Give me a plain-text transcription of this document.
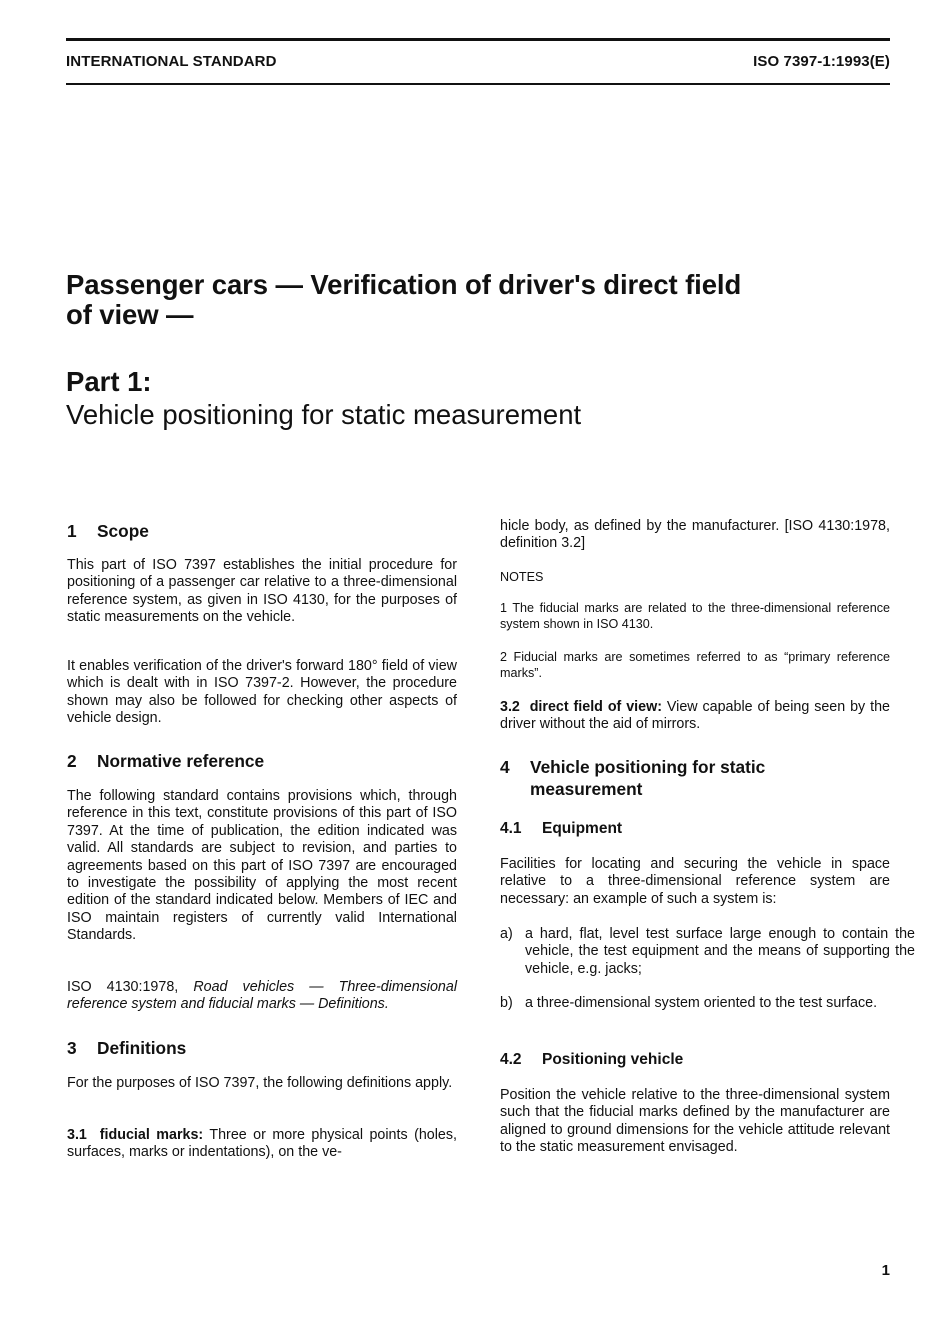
INTERNATIONAL STANDARD	ISO 7397-1:1993(E)
Passenger cars — Verification of driver's direct field
of view —
Part 1:
Vehicle positioning for static measurement
1 Scope

This part of ISO 7397 establishes the initial procedure for positioning of a passenger car relative to a three-dimensional reference system, as given in ISO 4130, for the purposes of static measurements on the vehicle.

It enables verification of the driver's forward 180° field of view which is dealt with in ISO 7397-2. However, the procedure shown may also be followed for checking other aspects of vehicle design.

2 Normative reference

The following standard contains provisions which, through reference in this text, constitute provisions of this part of ISO 7397. At the time of publication, the edition indicated was valid. All standards are subject to revision, and parties to agreements based on this part of ISO 7397 are encouraged to investigate the possibility of applying the most recent edition of the standard indicated below. Members of IEC and ISO maintain registers of currently valid International Standards.

ISO 4130:1978, Road vehicles — Three-dimensional reference system and fiducial marks — Definitions.

3 Definitions

For the purposes of ISO 7397, the following definitions apply.

3.1 fiducial marks: Three or more physical points (holes, surfaces, marks or indentations), on the ve-

hicle body, as defined by the manufacturer. [ISO 4130:1978, definition 3.2]

NOTES

1 The fiducial marks are related to the three-dimensional reference system shown in ISO 4130.

2 Fiducial marks are sometimes referred to as “primary reference marks”.

3.2 direct field of view: View capable of being seen by the driver without the aid of mirrors.

4 Vehicle positioning for static measurement
4.1 Equipment

Facilities for locating and securing the vehicle in space relative to a three-dimensional reference system are necessary: an example of such a system is:

a) a hard, flat, level test surface large enough to contain the vehicle, the test equipment and the means of supporting the vehicle, e.g. jacks;
b) a three-dimensional system oriented to the test surface.
4.2 Positioning vehicle

Position the vehicle relative to the three-dimensional system such that the fiducial marks defined by the manufacturer are aligned to ground dimensions for the vehicle attitude relevant to the static measurement envisaged.

1
